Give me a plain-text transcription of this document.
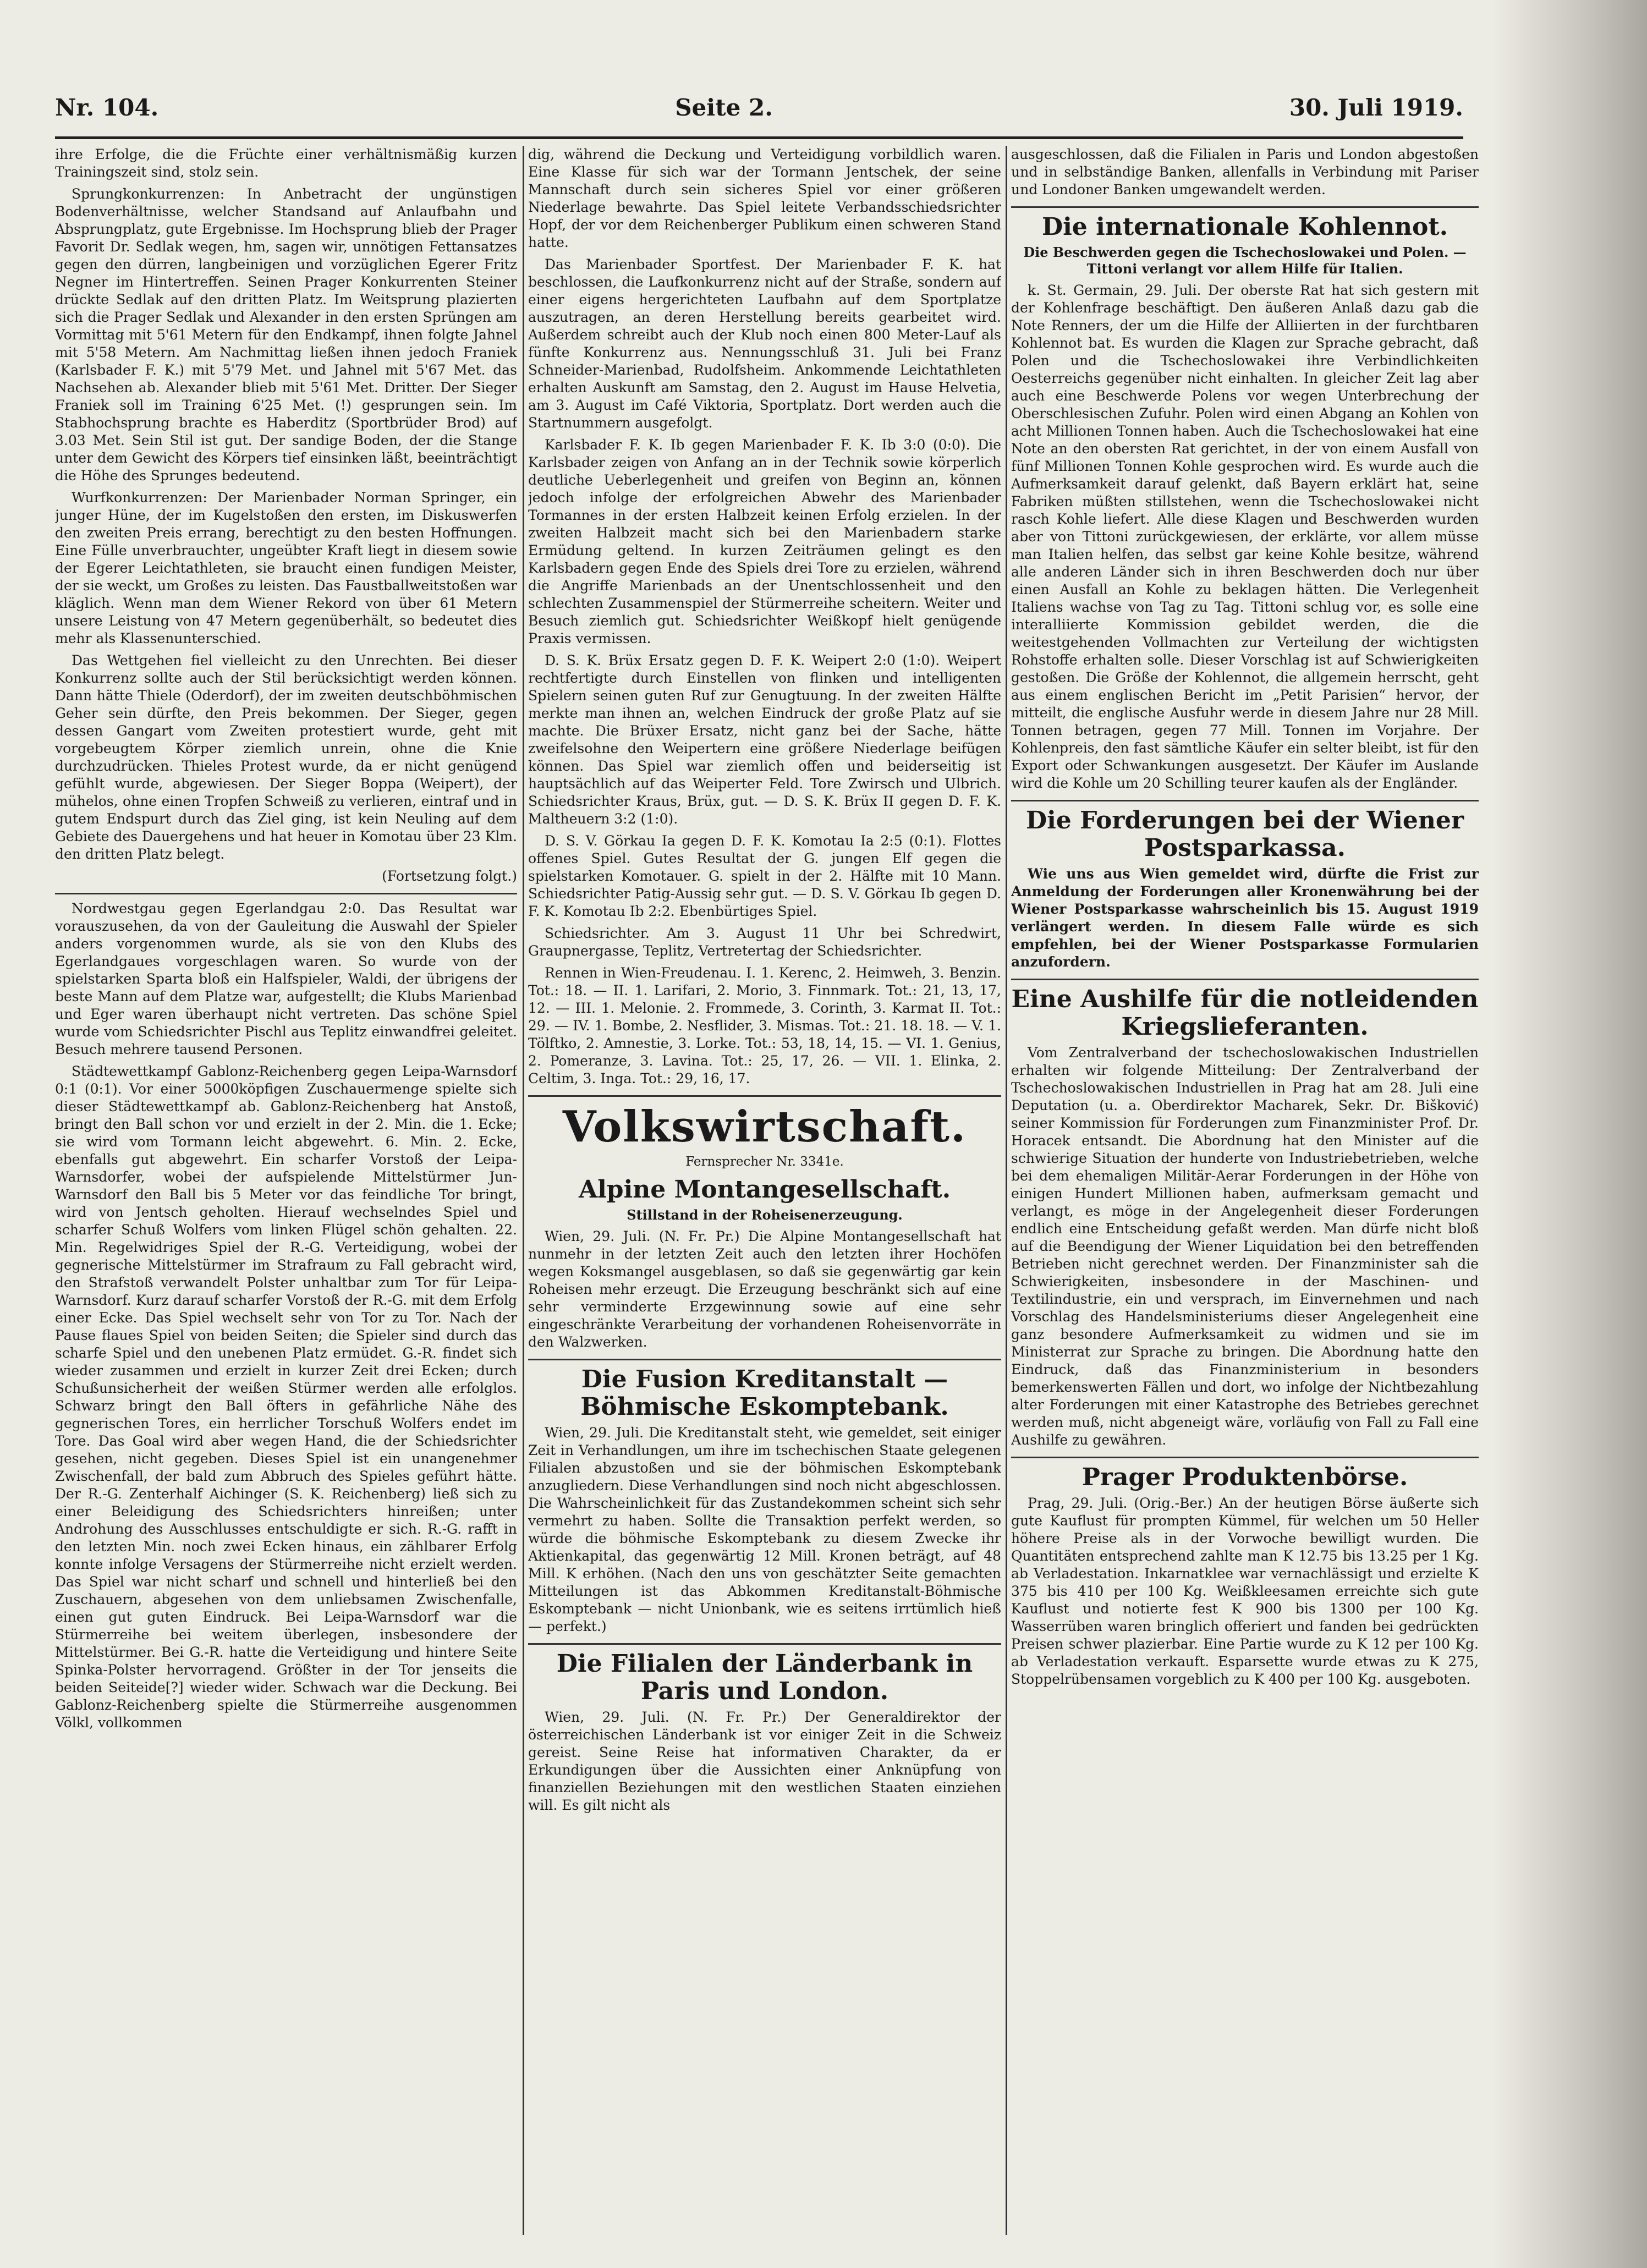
Nr. 104.	Seite 2.	30. Juli 1919.

ihre Erfolge, die die Früchte einer verhältnismäßig kurzen Trainingszeit sind, stolz sein.

Sprungkonkurrenzen: In Anbetracht der ungünstigen Bodenverhältnisse, welcher Standsand auf Anlaufbahn und Absprungplatz, gute Ergebnisse. Im Hochsprung blieb der Prager Favorit Dr. Sedlak wegen, hm, sagen wir, unnötigen Fettansatzes gegen den dürren, langbeinigen und vorzüglichen Egerer Fritz Negner im Hintertreffen. Seinen Prager Konkurrenten Steiner drückte Sedlak auf den dritten Platz. Im Weitsprung plazierten sich die Prager Sedlak und Alexander in den ersten Sprüngen am Vormittag mit 5'61 Metern für den Endkampf, ihnen folgte Jahnel mit 5'58 Metern. Am Nachmittag ließen ihnen jedoch Franiek (Karlsbader F. K.) mit 5'79 Met. und Jahnel mit 5'67 Met. das Nachsehen ab. Alexander blieb mit 5'61 Met. Dritter. Der Sieger Franiek soll im Training 6'25 Met. (!) gesprungen sein. Im Stabhochsprung brachte es Haberditz (Sportbrüder Brod) auf 3.03 Met. Sein Stil ist gut. Der sandige Boden, der die Stange unter dem Gewicht des Körpers tief einsinken läßt, beeinträchtigt die Höhe des Sprunges bedeutend.

Wurfkonkurrenzen: Der Marienbader Norman Springer, ein junger Hüne, der im Kugelstoßen den ersten, im Diskuswerfen den zweiten Preis errang, berechtigt zu den besten Hoffnungen. Eine Fülle unverbrauchter, ungeübter Kraft liegt in diesem sowie der Egerer Leichtathleten, sie braucht einen fundigen Meister, der sie weckt, um Großes zu leisten. Das Faustballweitstoßen war kläglich. Wenn man dem Wiener Rekord von über 61 Metern unsere Leistung von 47 Metern gegenüberhält, so bedeutet dies mehr als Klassenunterschied.

Das Wettgehen fiel vielleicht zu den Unrechten. Bei dieser Konkurrenz sollte auch der Stil berücksichtigt werden können. Dann hätte Thiele (Oderdorf), der im zweiten deutschböhmischen Geher sein dürfte, den Preis bekommen. Der Sieger, gegen dessen Gangart vom Zweiten protestiert wurde, geht mit vorgebeugtem Körper ziemlich unrein, ohne die Knie durchzudrücken. Thieles Protest wurde, da er nicht genügend gefühlt wurde, abgewiesen. Der Sieger Boppa (Weipert), der mühelos, ohne einen Tropfen Schweiß zu verlieren, eintraf und in gutem Endspurt durch das Ziel ging, ist kein Neuling auf dem Gebiete des Dauergehens und hat heuer in Komotau über 23 Klm. den dritten Platz belegt.

(Fortsetzung folgt.)

Nordwestgau gegen Egerlandgau 2:0. Das Resultat war vorauszusehen, da von der Gauleitung die Auswahl der Spieler anders vorgenommen wurde, als sie von den Klubs des Egerlandgaues vorgeschlagen waren. So wurde von der spielstarken Sparta bloß ein Halfspieler, Waldi, der übrigens der beste Mann auf dem Platze war, aufgestellt; die Klubs Marienbad und Eger waren überhaupt nicht vertreten. Das schöne Spiel wurde vom Schiedsrichter Pischl aus Teplitz einwandfrei geleitet. Besuch mehrere tausend Personen.

Städtewettkampf Gablonz-Reichenberg gegen Leipa-Warnsdorf 0:1 (0:1). Vor einer 5000köpfigen Zuschauermenge spielte sich dieser Städtewettkampf ab. Gablonz-Reichenberg hat Anstoß, bringt den Ball schon vor und erzielt in der 2. Min. die 1. Ecke; sie wird vom Tormann leicht abgewehrt. 6. Min. 2. Ecke, ebenfalls gut abgewehrt. Ein scharfer Vorstoß der Leipa-Warnsdorfer, wobei der aufspielende Mittelstürmer Jun-Warnsdorf den Ball bis 5 Meter vor das feindliche Tor bringt, wird von Jentsch geholten. Hierauf wechselndes Spiel und scharfer Schuß Wolfers vom linken Flügel schön gehalten. 22. Min. Regelwidriges Spiel der R.-G. Verteidigung, wobei der gegnerische Mittelstürmer im Strafraum zu Fall gebracht wird, den Strafstoß verwandelt Polster unhaltbar zum Tor für Leipa-Warnsdorf. Kurz darauf scharfer Vorstoß der R.-G. mit dem Erfolg einer Ecke. Das Spiel wechselt sehr von Tor zu Tor. Nach der Pause flaues Spiel von beiden Seiten; die Spieler sind durch das scharfe Spiel und den unebenen Platz ermüdet. G.-R. findet sich wieder zusammen und erzielt in kurzer Zeit drei Ecken; durch Schußunsicherheit der weißen Stürmer werden alle erfolglos. Schwarz bringt den Ball öfters in gefährliche Nähe des gegnerischen Tores, ein herrlicher Torschuß Wolfers endet im Tore. Das Goal wird aber wegen Hand, die der Schiedsrichter gesehen, nicht gegeben. Dieses Spiel ist ein unangenehmer Zwischenfall, der bald zum Abbruch des Spieles geführt hätte. Der R.-G. Zenterhalf Aichinger (S. K. Reichenberg) ließ sich zu einer Beleidigung des Schiedsrichters hinreißen; unter Androhung des Ausschlusses entschuldigte er sich. R.-G. rafft in den letzten Min. noch zwei Ecken hinaus, ein zählbarer Erfolg konnte infolge Versagens der Stürmerreihe nicht erzielt werden. Das Spiel war nicht scharf und schnell und hinterließ bei den Zuschauern, abgesehen von dem unliebsamen Zwischenfalle, einen gut guten Eindruck. Bei Leipa-Warnsdorf war die Stürmerreihe bei weitem überlegen, insbesondere der Mittelstürmer. Bei G.-R. hatte die Verteidigung und hintere Seite Spinka-Polster hervorragend. Größter in der Tor jenseits die beiden Seiteide[?] wieder wider. Schwach war die Deckung. Bei Gablonz-Reichenberg spielte die Stürmerreihe ausgenommen Völkl, vollkommen

dig, während die Deckung und Verteidigung vorbildlich waren. Eine Klasse für sich war der Tormann Jentschek, der seine Mannschaft durch sein sicheres Spiel vor einer größeren Niederlage bewahrte. Das Spiel leitete Verbandsschiedsrichter Hopf, der vor dem Reichenberger Publikum einen schweren Stand hatte.

Das Marienbader Sportfest. Der Marienbader F. K. hat beschlossen, die Laufkonkurrenz nicht auf der Straße, sondern auf einer eigens hergerichteten Laufbahn auf dem Sportplatze auszutragen, an deren Herstellung bereits gearbeitet wird. Außerdem schreibt auch der Klub noch einen 800 Meter-Lauf als fünfte Konkurrenz aus. Nennungsschluß 31. Juli bei Franz Schneider-Marienbad, Rudolfsheim. Ankommende Leichtathleten erhalten Auskunft am Samstag, den 2. August im Hause Helvetia, am 3. August im Café Viktoria, Sportplatz. Dort werden auch die Startnummern ausgefolgt.

Karlsbader F. K. Ib gegen Marienbader F. K. Ib 3:0 (0:0). Die Karlsbader zeigen von Anfang an in der Technik sowie körperlich deutliche Ueberlegenheit und greifen von Beginn an, können jedoch infolge der erfolgreichen Abwehr des Marienbader Tormannes in der ersten Halbzeit keinen Erfolg erzielen. In der zweiten Halbzeit macht sich bei den Marienbadern starke Ermüdung geltend. In kurzen Zeiträumen gelingt es den Karlsbadern gegen Ende des Spiels drei Tore zu erzielen, während die Angriffe Marienbads an der Unentschlossenheit und den schlechten Zusammenspiel der Stürmerreihe scheitern. Weiter und Besuch ziemlich gut. Schiedsrichter Weißkopf hielt genügende Praxis vermissen.

D. S. K. Brüx Ersatz gegen D. F. K. Weipert 2:0 (1:0). Weipert rechtfertigte durch Einstellen von flinken und intelligenten Spielern seinen guten Ruf zur Genugtuung. In der zweiten Hälfte merkte man ihnen an, welchen Eindruck der große Platz auf sie machte. Die Brüxer Ersatz, nicht ganz bei der Sache, hätte zweifelsohne den Weipertern eine größere Niederlage beifügen können. Das Spiel war ziemlich offen und beiderseitig ist hauptsächlich auf das Weiperter Feld. Tore Zwirsch und Ulbrich. Schiedsrichter Kraus, Brüx, gut. — D. S. K. Brüx II gegen D. F. K. Maltheuern 3:2 (1:0).

D. S. V. Görkau Ia gegen D. F. K. Komotau Ia 2:5 (0:1). Flottes offenes Spiel. Gutes Resultat der G. jungen Elf gegen die spielstarken Komotauer. G. spielt in der 2. Hälfte mit 10 Mann. Schiedsrichter Patig-Aussig sehr gut. — D. S. V. Görkau Ib gegen D. F. K. Komotau Ib 2:2. Ebenbürtiges Spiel.

Schiedsrichter. Am 3. August 11 Uhr bei Schredwirt, Graupnergasse, Teplitz, Vertretertag der Schiedsrichter.

Rennen in Wien-Freudenau. I. 1. Kerenc, 2. Heimweh, 3. Benzin. Tot.: 18. — II. 1. Larifari, 2. Morio, 3. Finnmark. Tot.: 21, 13, 17, 12. — III. 1. Melonie. 2. Frommede, 3. Corinth, 3. Karmat II. Tot.: 29. — IV. 1. Bombe, 2. Nesflider, 3. Mismas. Tot.: 21. 18. 18. — V. 1. Tölftko, 2. Amnestie, 3. Lorke. Tot.: 53, 18, 14, 15. — VI. 1. Genius, 2. Pomeranze, 3. Lavina. Tot.: 25, 17, 26. — VII. 1. Elinka, 2. Celtim, 3. Inga. Tot.: 29, 16, 17.

Volkswirtschaft.
Fernsprecher Nr. 3341e.
Alpine Montangesellschaft.
Stillstand in der Roheisenerzeugung.

Wien, 29. Juli. (N. Fr. Pr.) Die Alpine Montangesellschaft hat nunmehr in der letzten Zeit auch den letzten ihrer Hochöfen wegen Koksmangel ausgeblasen, so daß sie gegenwärtig gar kein Roheisen mehr erzeugt. Die Erzeugung beschränkt sich auf eine sehr verminderte Erzgewinnung sowie auf eine sehr eingeschränkte Verarbeitung der vorhandenen Roheisenvorräte in den Walzwerken.

Die Fusion Kreditanstalt — Böhmische Eskomptebank.

Wien, 29. Juli. Die Kreditanstalt steht, wie gemeldet, seit einiger Zeit in Verhandlungen, um ihre im tschechischen Staate gelegenen Filialen abzustoßen und sie der böhmischen Eskomptebank anzugliedern. Diese Verhandlungen sind noch nicht abgeschlossen. Die Wahrscheinlichkeit für das Zustandekommen scheint sich sehr vermehrt zu haben. Sollte die Transaktion perfekt werden, so würde die böhmische Eskomptebank zu diesem Zwecke ihr Aktienkapital, das gegenwärtig 12 Mill. Kronen beträgt, auf 48 Mill. K erhöhen. (Nach den uns von geschätzter Seite gemachten Mitteilungen ist das Abkommen Kreditanstalt-Böhmische Eskomptebank — nicht Unionbank, wie es seitens irrtümlich hieß — perfekt.)

Die Filialen der Länderbank in Paris und London.

Wien, 29. Juli. (N. Fr. Pr.) Der Generaldirektor der österreichischen Länderbank ist vor einiger Zeit in die Schweiz gereist. Seine Reise hat informativen Charakter, da er Erkundigungen über die Aussichten einer Anknüpfung von finanziellen Beziehungen mit den westlichen Staaten einziehen will. Es gilt nicht als

ausgeschlossen, daß die Filialen in Paris und London abgestoßen und in selbständige Banken, allenfalls in Verbindung mit Pariser und Londoner Banken umgewandelt werden.

Die internationale Kohlennot.
Die Beschwerden gegen die Tschechoslowakei und Polen. — Tittoni verlangt vor allem Hilfe für Italien.

k. St. Germain, 29. Juli. Der oberste Rat hat sich gestern mit der Kohlenfrage beschäftigt. Den äußeren Anlaß dazu gab die Note Renners, der um die Hilfe der Alliierten in der furchtbaren Kohlennot bat. Es wurden die Klagen zur Sprache gebracht, daß Polen und die Tschechoslowakei ihre Verbindlichkeiten Oesterreichs gegenüber nicht einhalten. In gleicher Zeit lag aber auch eine Beschwerde Polens vor wegen Unterbrechung der Oberschlesischen Zufuhr. Polen wird einen Abgang an Kohlen von acht Millionen Tonnen haben. Auch die Tschechoslowakei hat eine Note an den obersten Rat gerichtet, in der von einem Ausfall von fünf Millionen Tonnen Kohle gesprochen wird. Es wurde auch die Aufmerksamkeit darauf gelenkt, daß Bayern erklärt hat, seine Fabriken müßten stillstehen, wenn die Tschechoslowakei nicht rasch Kohle liefert. Alle diese Klagen und Beschwerden wurden aber von Tittoni zurückgewiesen, der erklärte, vor allem müsse man Italien helfen, das selbst gar keine Kohle besitze, während alle anderen Länder sich in ihren Beschwerden doch nur über einen Ausfall an Kohle zu beklagen hätten. Die Verlegenheit Italiens wachse von Tag zu Tag. Tittoni schlug vor, es solle eine interalliierte Kommission gebildet werden, die die weitestgehenden Vollmachten zur Verteilung der wichtigsten Rohstoffe erhalten solle. Dieser Vorschlag ist auf Schwierigkeiten gestoßen. Die Größe der Kohlennot, die allgemein herrscht, geht aus einem englischen Bericht im „Petit Parisien“ hervor, der mitteilt, die englische Ausfuhr werde in diesem Jahre nur 28 Mill. Tonnen betragen, gegen 77 Mill. Tonnen im Vorjahre. Der Kohlenpreis, den fast sämtliche Käufer ein selter bleibt, ist für den Export oder Schwankungen ausgesetzt. Der Käufer im Auslande wird die Kohle um 20 Schilling teurer kaufen als der Engländer.

Die Forderungen bei der Wiener Postsparkassa.

Wie uns aus Wien gemeldet wird, dürfte die Frist zur Anmeldung der Forderungen aller Kronenwährung bei der Wiener Postsparkasse wahrscheinlich bis 15. August 1919 verlängert werden. In diesem Falle würde es sich empfehlen, bei der Wiener Postsparkasse Formularien anzufordern.

Eine Aushilfe für die notleidenden Kriegslieferanten.

Vom Zentralverband der tschechoslowakischen Industriellen erhalten wir folgende Mitteilung: Der Zentralverband der Tschechoslowakischen Industriellen in Prag hat am 28. Juli eine Deputation (u. a. Oberdirektor Macharek, Sekr. Dr. Bišković) seiner Kommission für Forderungen zum Finanzminister Prof. Dr. Horacek entsandt. Die Abordnung hat den Minister auf die schwierige Situation der hunderte von Industriebetrieben, welche bei dem ehemaligen Militär-Aerar Forderungen in der Höhe von einigen Hundert Millionen haben, aufmerksam gemacht und verlangt, es möge in der Angelegenheit dieser Forderungen endlich eine Entscheidung gefaßt werden. Man dürfe nicht bloß auf die Beendigung der Wiener Liquidation bei den betreffenden Betrieben nicht gerechnet werden. Der Finanzminister sah die Schwierigkeiten, insbesondere in der Maschinen- und Textilindustrie, ein und versprach, im Einvernehmen und nach Vorschlag des Handelsministeriums dieser Angelegenheit eine ganz besondere Aufmerksamkeit zu widmen und sie im Ministerrat zur Sprache zu bringen. Die Abordnung hatte den Eindruck, daß das Finanzministerium in besonders bemerkenswerten Fällen und dort, wo infolge der Nichtbezahlung alter Forderungen mit einer Katastrophe des Betriebes gerechnet werden muß, nicht abgeneigt wäre, vorläufig von Fall zu Fall eine Aushilfe zu gewähren.

Prager Produktenbörse.

Prag, 29. Juli. (Orig.-Ber.) An der heutigen Börse äußerte sich gute Kauflust für prompten Kümmel, für welchen um 50 Heller höhere Preise als in der Vorwoche bewilligt wurden. Die Quantitäten entsprechend zahlte man K 12.75 bis 13.25 per 1 Kg. ab Verladestation. Inkarnatklee war vernachlässigt und erzielte K 375 bis 410 per 100 Kg. Weißkleesamen erreichte sich gute Kauflust und notierte fest K 900 bis 1300 per 100 Kg. Wasserrüben waren bringlich offeriert und fanden bei gedrückten Preisen schwer plazierbar. Eine Partie wurde zu K 12 per 100 Kg. ab Verladestation verkauft. Esparsette wurde etwas zu K 275, Stoppelrübensamen vorgeblich zu K 400 per 100 Kg. ausgeboten.
